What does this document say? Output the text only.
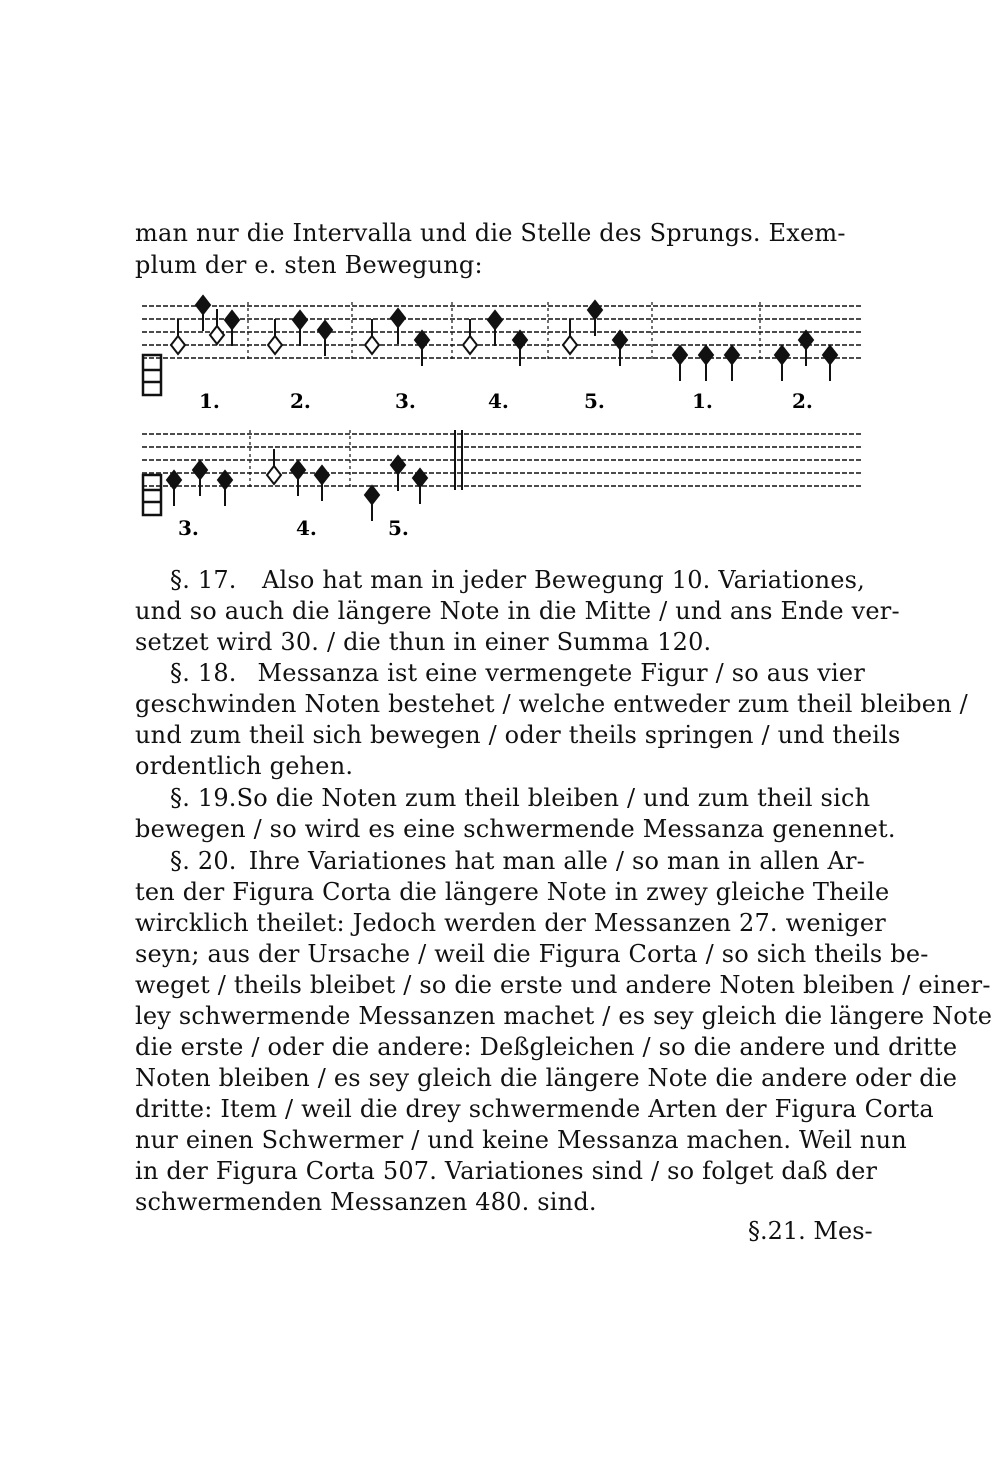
man nur die Intervalla und die Stelle des Sprungs. Exem-
plum der e. sten Bewegung:
1.	2.	3.	4.	5.	1.	2.
3.	4.	5.
§. 17. Also hat man in jeder Bewegung 10. Variationes,
und so auch die längere Note in die Mitte / und ans Ende ver-
setzet wird 30. / die thun in einer Summa 120.
§. 18. Messanza ist eine vermengete Figur / so aus vier
geschwinden Noten bestehet / welche entweder zum theil bleiben /
und zum theil sich bewegen / oder theils springen / und theils
ordentlich gehen.
§. 19. So die Noten zum theil bleiben / und zum theil sich
bewegen / so wird es eine schwermende Messanza genennet.
§. 20. Ihre Variationes hat man alle / so man in allen Ar-
ten der Figura Corta die längere Note in zwey gleiche Theile
wircklich theilet: Jedoch werden der Messanzen 27. weniger
seyn; aus der Ursache / weil die Figura Corta / so sich theils be-
weget / theils bleibet / so die erste und andere Noten bleiben / einer-
ley schwermende Messanzen machet / es sey gleich die längere Note
die erste / oder die andere: Deßgleichen / so die andere und dritte
Noten bleiben / es sey gleich die längere Note die andere oder die
dritte: Item / weil die drey schwermende Arten der Figura Corta
nur einen Schwermer / und keine Messanza machen. Weil nun
in der Figura Corta 507. Variationes sind / so folget daß der
schwermenden Messanzen 480. sind.
§.21. Mes-
